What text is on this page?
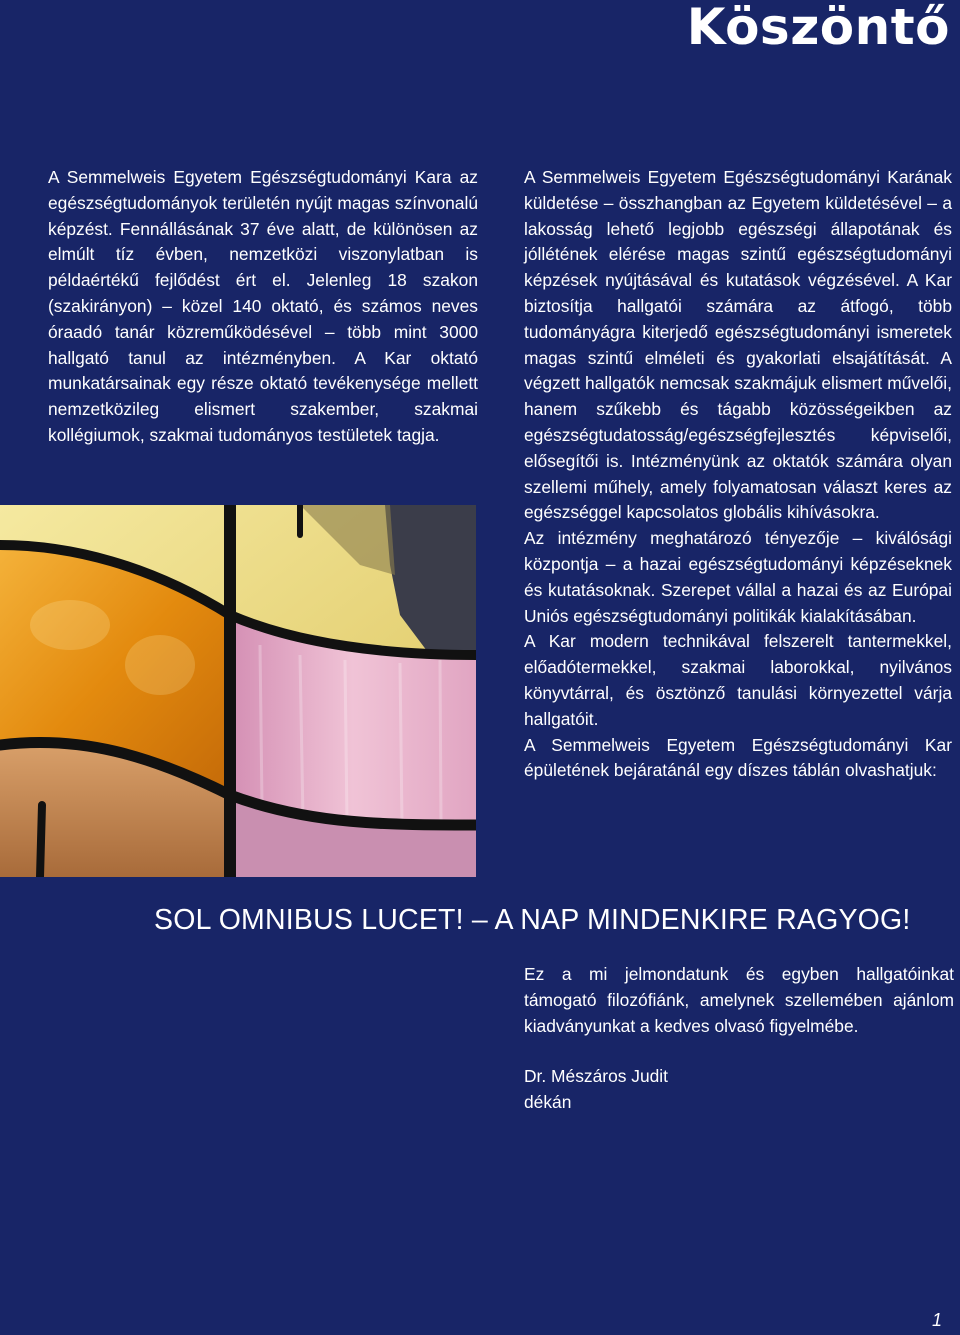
Köszöntő

A Semmelweis Egyetem Egészségtudományi Kara az egészségtudományok területén nyújt magas színvonalú képzést. Fennállásának 37 éve alatt, de különösen az elmúlt tíz évben, nemzetközi viszonylatban is példaértékű fejlődést ért el. Jelenleg 18 szakon (szakirányon) – közel 140 oktató, és számos neves óraadó tanár közreműködésével – több mint 3000 hallgató tanul az intézményben. A Kar oktató munkatársainak egy része oktató tevékenysége mellett nemzetközileg elismert szakember, szakmai kollégiumok, szakmai tudományos testületek tagja.

A Semmelweis Egyetem Egészségtudományi Karának küldetése – összhangban az Egyetem küldetésével – a lakosság lehető legjobb egészségi állapotának és jóllétének elérése magas szintű egészségtudományi képzések nyújtásával és kutatások végzésével. A Kar biztosítja hallgatói számára az átfogó, több tudományágra kiterjedő egészségtudományi ismeretek magas szintű elméleti és gyakorlati elsajátítását. A végzett hallgatók nemcsak szakmájuk elismert művelői, hanem szűkebb és tágabb közösségeikben az egészségtudatosság/egészségfejlesztés képviselői, elősegítői is. Intézményünk az oktatók számára olyan szellemi műhely, amely folyamatosan választ keres az egészséggel kapcsolatos globális kihívásokra.

Az intézmény meghatározó tényezője – kiválósági központja – a hazai egészségtudományi képzéseknek és kutatásoknak. Szerepet vállal a hazai és az Európai Uniós egészségtudományi politikák kialakításában.

A Kar modern technikával felszerelt tantermekkel, előadótermekkel, szakmai laborokkal, nyilvános könyvtárral, és ösztönző tanulási környezettel várja hallgatóit.

A Semmelweis Egyetem Egészségtudományi Kar épületének bejáratánál egy díszes táblán olvashatjuk:

SOL OMNIBUS LUCET! – A NAP MINDENKIRE RAGYOG!

Ez a mi jelmondatunk és egyben hallgatóinkat támogató filozófiánk, amelynek szellemében ajánlom kiadványunkat a kedves olvasó figyelmébe.

Dr. Mészáros Judit

dékán

1
